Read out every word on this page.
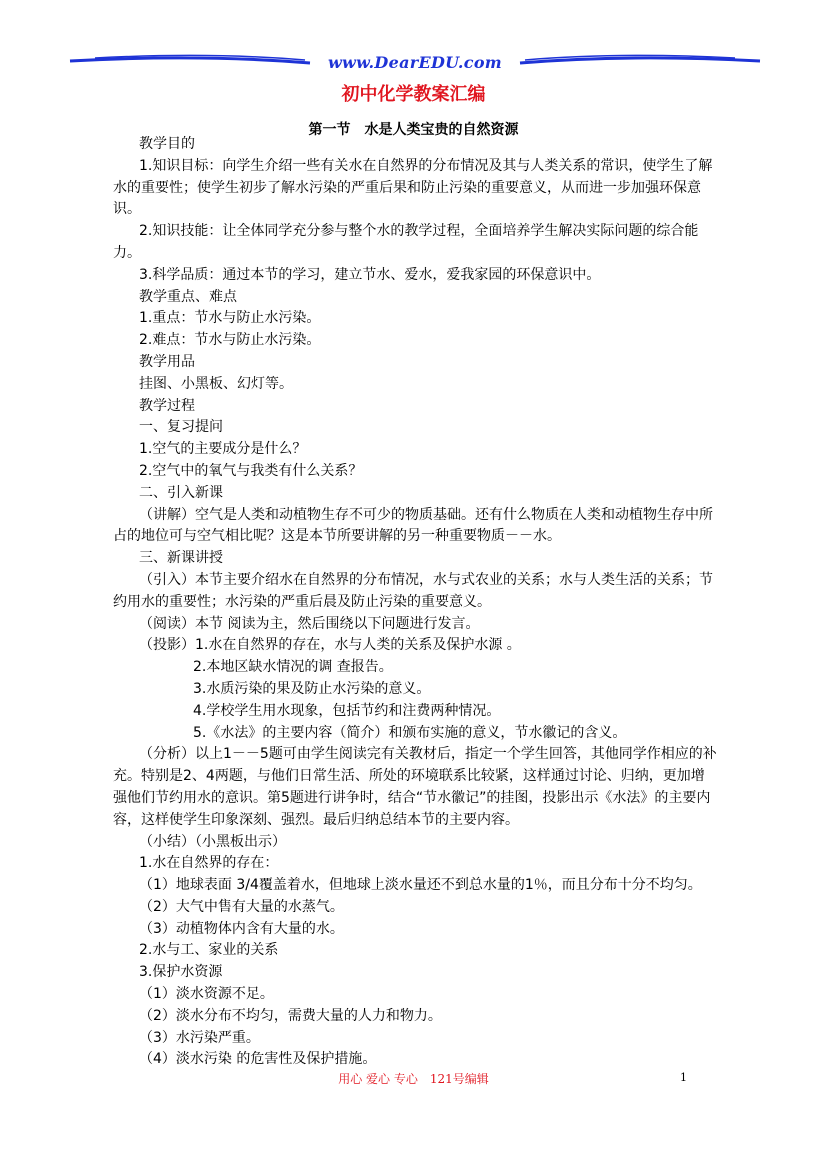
www.DearEDU.com
初中化学教案汇编
第一节　水是人类宝贵的自然资源

教学目的

1.知识目标：向学生介绍一些有关水在自然界的分布情况及其与人类关系的常识，使学生了解水的重要性；使学生初步了解水污染的严重后果和防止污染的重要意义，从而进一步加强环保意识。

2.知识技能：让全体同学充分参与整个水的教学过程，全面培养学生解决实际问题的综合能力。

3.科学品质：通过本节的学习，建立节水、爱水，爱我家园的环保意识中。

教学重点、难点

1.重点：节水与防止水污染。

2.难点：节水与防止水污染。

教学用品

挂图、小黑板、幻灯等。

教学过程

一、复习提问

1.空气的主要成分是什么？

2.空气中的氧气与我类有什么关系？

二、引入新课

（讲解）空气是人类和动植物生存不可少的物质基础。还有什么物质在人类和动植物生存中所占的地位可与空气相比呢？这是本节所要讲解的另一种重要物质－－水。

三、新课讲授

（引入）本节主要介绍水在自然界的分布情况，水与式农业的关系；水与人类生活的关系；节约用水的重要性；水污染的严重后晨及防止污染的重要意义。

（阅读）本节 阅读为主，然后围绕以下问题进行发言。

（投影）1.水在自然界的存在，水与人类的关系及保护水源 。

2.本地区缺水情况的调 查报告。

3.水质污染的果及防止水污染的意义。

4.学校学生用水现象，包括节约和注费两种情况。

5.《水法》的主要内容（简介）和颁布实施的意义，节水徽记的含义。

（分析）以上1－－5题可由学生阅读完有关教材后，指定一个学生回答，其他同学作相应的补充。特别是2、4两题，与他们日常生活、所处的环境联系比较紧，这样通过讨论、归纳，更加增强他们节约用水的意识。第5题进行讲争时，结合“节水徽记”的挂图，投影出示《水法》的主要内容，这样使学生印象深刻、强烈。最后归纳总结本节的主要内容。

（小结）（小黑板出示）

1.水在自然界的存在：

（1）地球表面 3/4覆盖着水，但地球上淡水量还不到总水量的1％，而且分布十分不均匀。

（2）大气中售有大量的水蒸气。

（3）动植物体内含有大量的水。

2.水与工、家业的关系

3.保护水资源

（1）淡水资源不足。

（2）淡水分布不均匀，需费大量的人力和物力。

（3）水污染严重。

（4）淡水污染 的危害性及保护措施。

用心 爱心 专心　121号编辑	1
